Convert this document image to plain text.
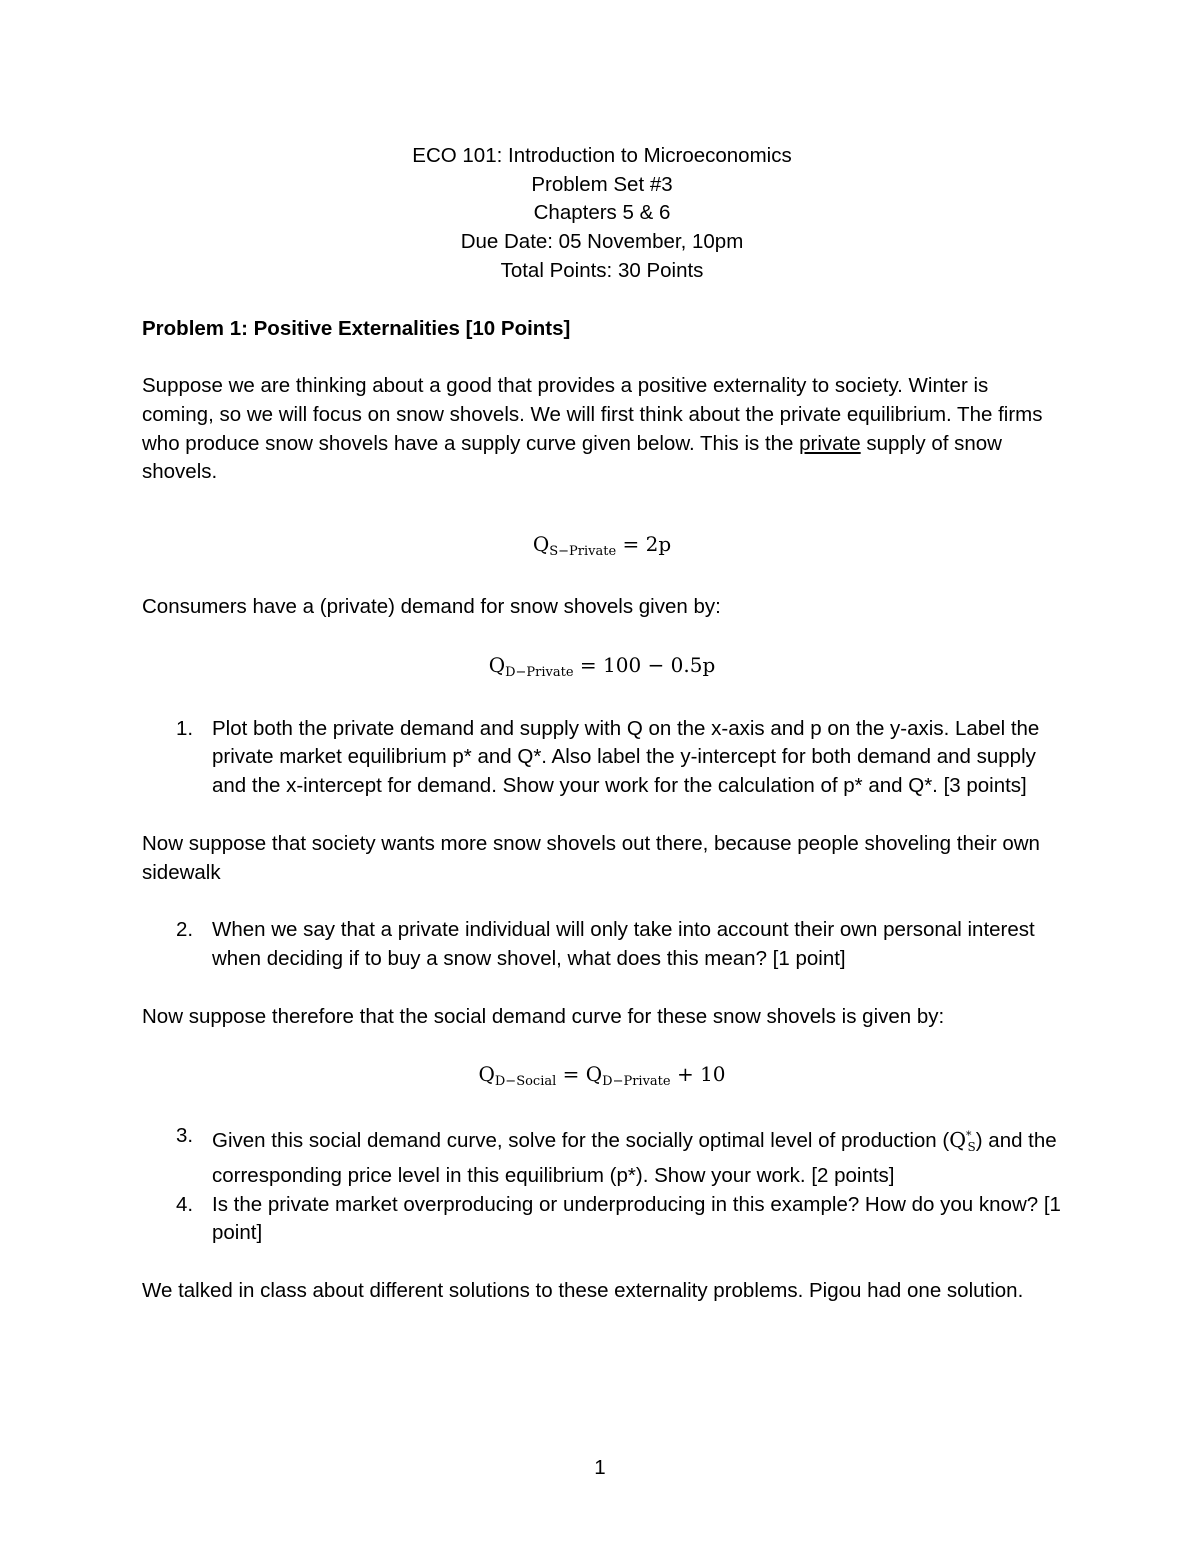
ECO 101: Introduction to Microeconomics

Problem Set #3

Chapters 5 & 6

Due Date: 05 November, 10pm

Total Points: 30 Points

Problem 1: Positive Externalities [10 Points]

Suppose we are thinking about a good that provides a positive externality to society. Winter is coming, so we will focus on snow shovels. We will first think about the private equilibrium. The firms who produce snow shovels have a supply curve given below. This is the private supply of snow shovels.

$Q_{S-Private} = 2p$

Consumers have a (private) demand for snow shovels given by:

$Q_{D-Private} = 100 - 0.5p$

1. Plot both the private demand and supply with Q on the x-axis and p on the y-axis. Label the private market equilibrium p* and Q*. Also label the y-intercept for both demand and supply and the x-intercept for demand. Show your work for the calculation of p* and Q*. [3 points]

Now suppose that society wants more snow shovels out there, because people shoveling their own sidewalk

2. When we say that a private individual will only take into account their own personal interest when deciding if to buy a snow shovel, what does this mean? [1 point]

Now suppose therefore that the social demand curve for these snow shovels is given by:

$Q_{D-Social} = Q_{D-Private} + 10$

3. Given this social demand curve, solve for the socially optimal level of production (Q*S) and the corresponding price level in this equilibrium (p*). Show your work. [2 points]
4. Is the private market overproducing or underproducing in this example? How do you know? [1 point]

We talked in class about different solutions to these externality problems. Pigou had one solution.

1
